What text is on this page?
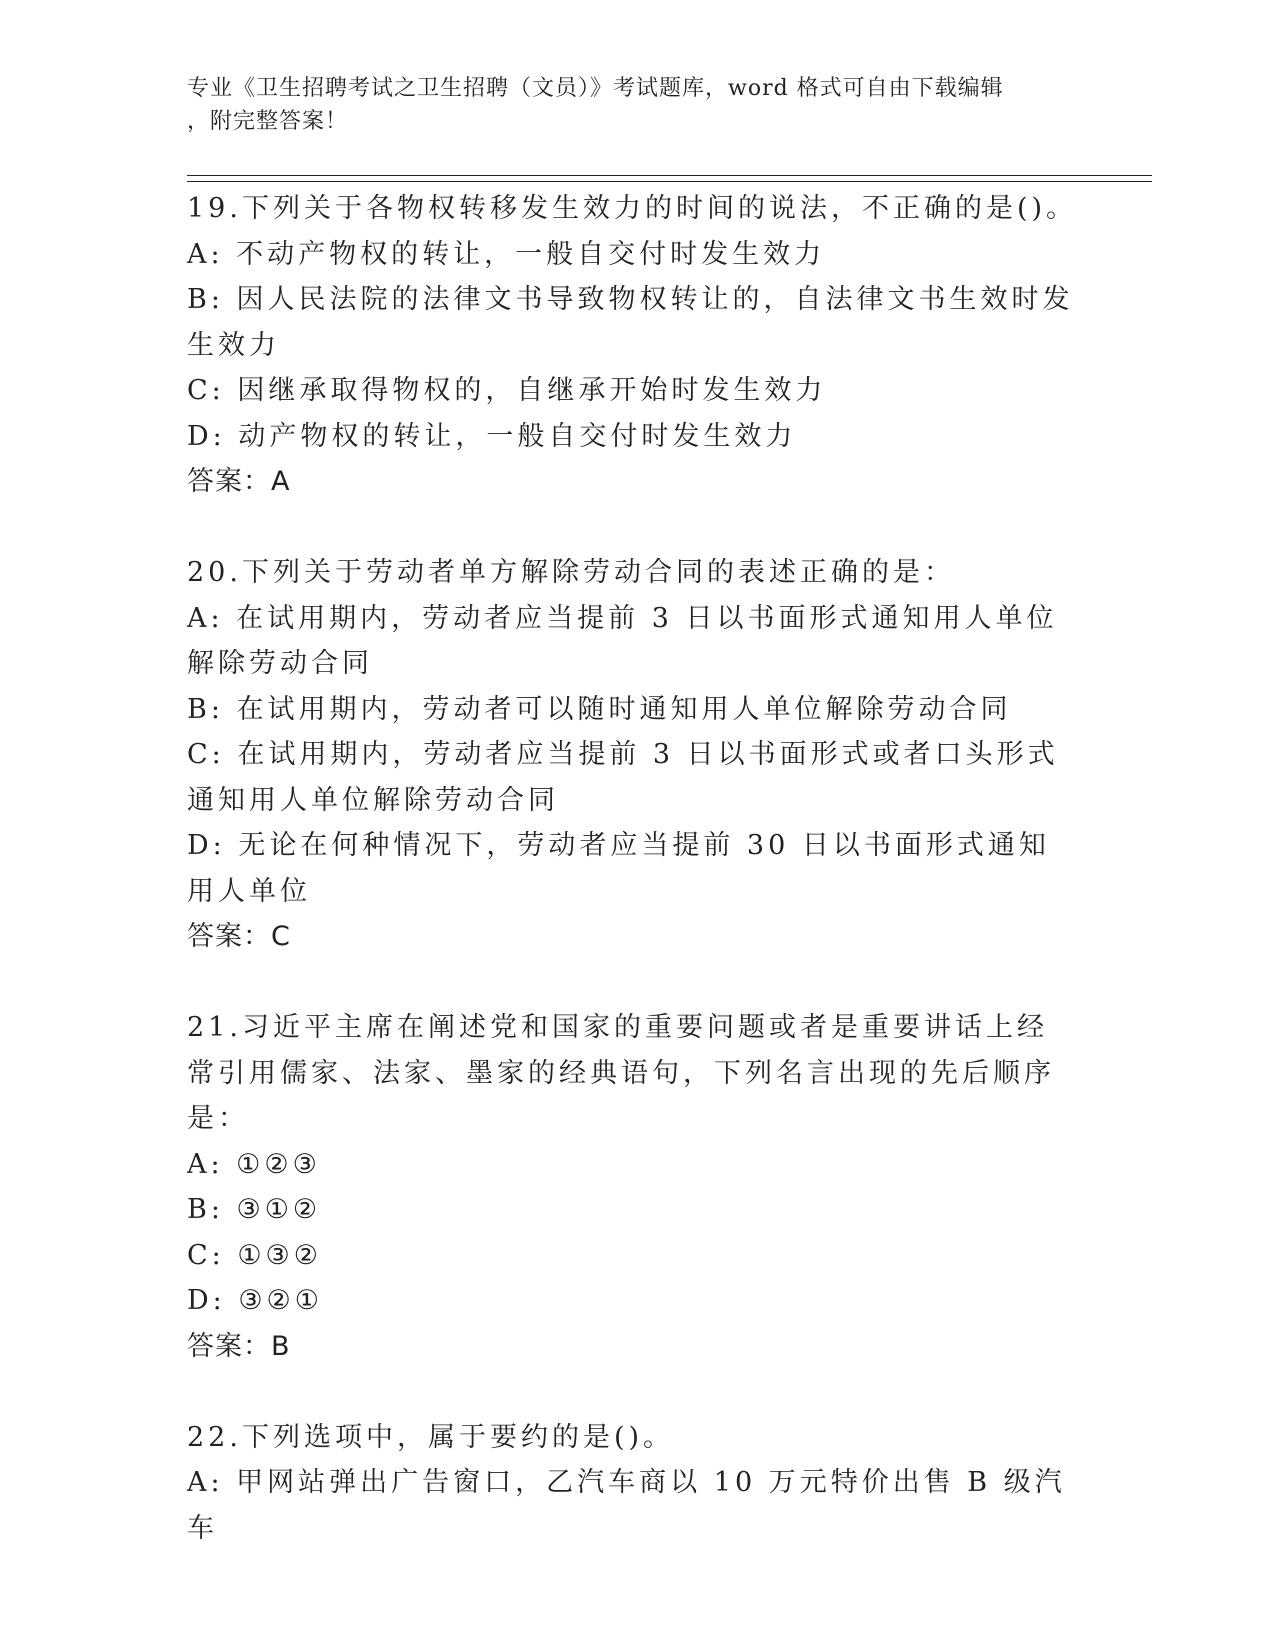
专业《卫生招聘考试之卫生招聘（文员）》考试题库，word 格式可自由下载编辑
，附完整答案！

19.下列关于各物权转移发生效力的时间的说法，不正确的是()。

A: 不动产物权的转让，一般自交付时发生效力

B: 因人民法院的法律文书导致物权转让的，自法律文书生效时发生效力

C: 因继承取得物权的，自继承开始时发生效力

D: 动产物权的转让，一般自交付时发生效力

答案：A

20.下列关于劳动者单方解除劳动合同的表述正确的是：

A: 在试用期内，劳动者应当提前 3 日以书面形式通知用人单位解除劳动合同

B: 在试用期内，劳动者可以随时通知用人单位解除劳动合同

C: 在试用期内，劳动者应当提前 3 日以书面形式或者口头形式通知用人单位解除劳动合同

D: 无论在何种情况下，劳动者应当提前 30 日以书面形式通知用人单位

答案：C

21.习近平主席在阐述党和国家的重要问题或者是重要讲话上经常引用儒家、法家、墨家的经典语句，下列名言出现的先后顺序是：

A: ①②③

B: ③①②

C: ①③②

D: ③②①

答案：B

22.下列选项中，属于要约的是()。

A: 甲网站弹出广告窗口，乙汽车商以 10 万元特价出售 B 级汽车
